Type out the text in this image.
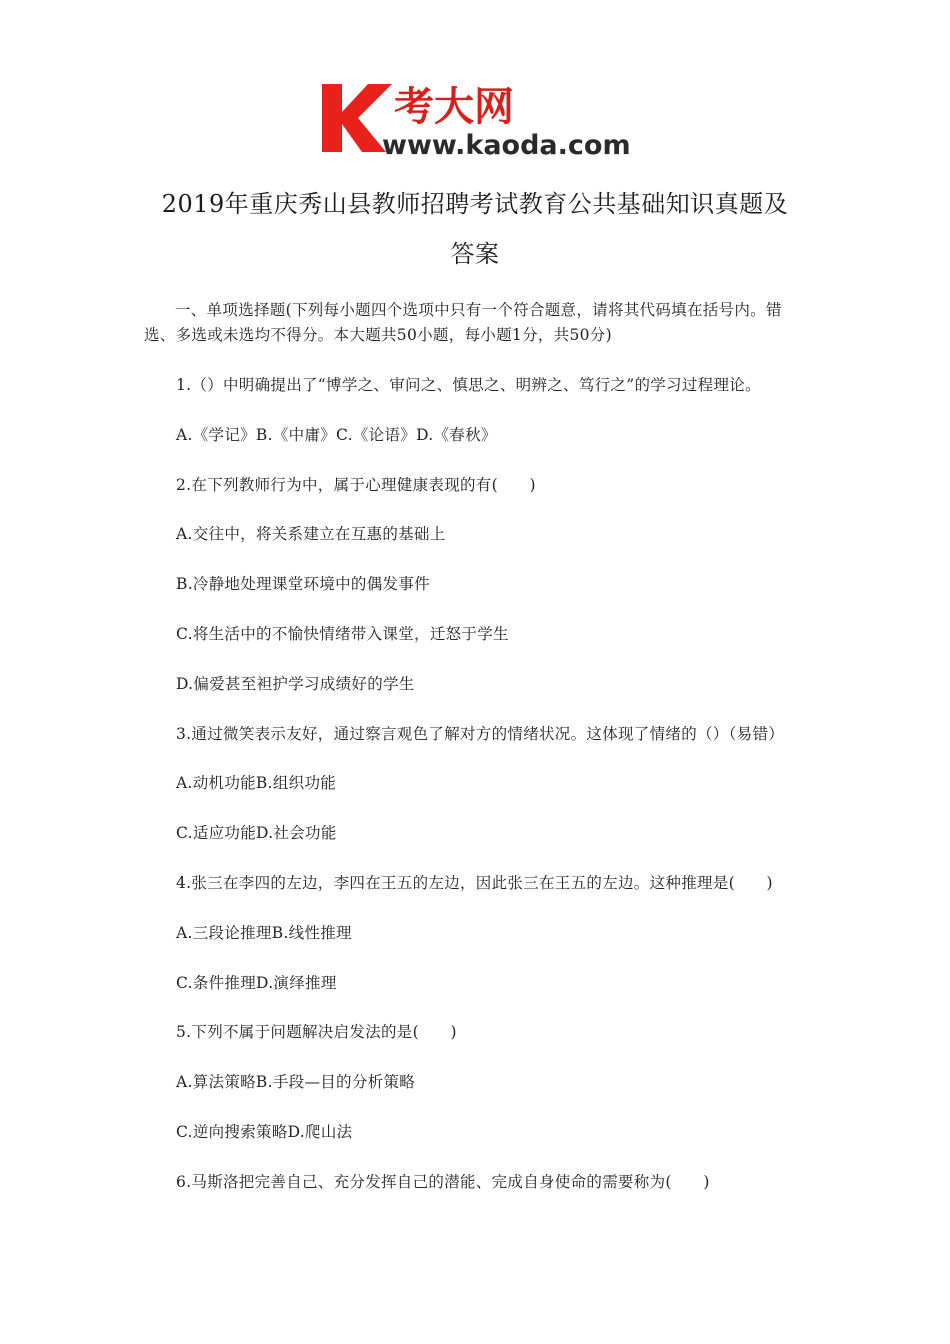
考大网
www.kaoda.com
2019年重庆秀山县教师招聘考试教育公共基础知识真题及
答案
一、单项选择题(下列每小题四个选项中只有一个符合题意，请将其代码填在括号内。错选、多选或未选均不得分。本大题共50小题，每小题1分，共50分)
1.（）中明确提出了“博学之、审问之、慎思之、明辨之、笃行之”的学习过程理论。
A.《学记》B.《中庸》C.《论语》D.《春秋》
2.在下列教师行为中，属于心理健康表现的有(　　)
A.交往中，将关系建立在互惠的基础上
B.冷静地处理课堂环境中的偶发事件
C.将生活中的不愉快情绪带入课堂，迁怒于学生
D.偏爱甚至袒护学习成绩好的学生
3.通过微笑表示友好，通过察言观色了解对方的情绪状况。这体现了情绪的（）（易错）
A.动机功能B.组织功能
C.适应功能D.社会功能
4.张三在李四的左边，李四在王五的左边，因此张三在王五的左边。这种推理是(　　)
A.三段论推理B.线性推理
C.条件推理D.演绎推理
5.下列不属于问题解决启发法的是(　　)
A.算法策略B.手段—目的分析策略
C.逆向搜索策略D.爬山法
6.马斯洛把完善自己、充分发挥自己的潜能、完成自身使命的需要称为(　　)
